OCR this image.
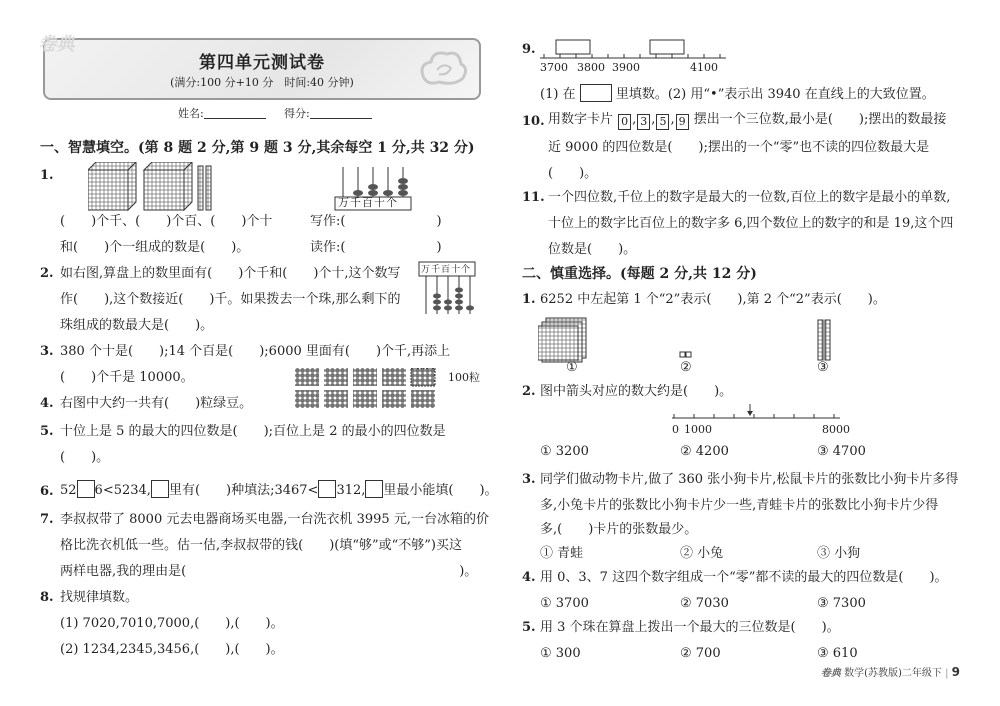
第四单元测试卷
(满分:100 分+10 分　时间:40 分钟)
卷典
姓名:	得分:
一、智慧填空。(第 8 题 2 分,第 9 题 3 分,其余每空 1 分,共 32 分)
1.
万千百十个
(　　)个千、(　　)个百、(　　)个十	写作:(　　　　　　　)
和(　　)个一组成的数是(　　)。	读作:(　　　　　　　)
2. 如右图,算盘上的数里面有(　　)个千和(　　)个十,这个数写
作(　　),这个数接近(　　)千。如果拨去一个珠,那么剩下的
珠组成的数最大是(　　)。
万千百十个
3. 380 个十是(　　);14 个百是(　　);6000 里面有(　　)个千,再添上
(　　)个千是 10000。	100粒
4. 右图中大约一共有(　　)粒绿豆。
5. 十位上是 5 的最大的四位数是(　　);百位上是 2 的最小的四位数是
(　　)。
6. 52 6<5234, 里有(　　)种填法;3467< 312, 里最小能填(　　)。
7. 李叔叔带了 8000 元去电器商场买电器,一台洗衣机 3995 元,一台冰箱的价
格比洗衣机低一些。估一估,李叔叔带的钱(　　)(填“够”或“不够”)买这
两样电器,我的理由是(　　　　　　　　　　　　　　　　　　　　　)。
8. 找规律填数。
(1) 7020,7010,7000,(　　),(　　)。
(2) 1234,2345,3456,(　　),(　　)。
9.
3700 3800 3900	4100
(1) 在	里填数。(2) 用“•”表示出 3940 在直线上的大致位置。
10. 用数字卡片 0 , 3 , 5 , 9 摆出一个三位数,最小是(　　);摆出的数最接
近 9000 的四位数是(　　);摆出的一个“零”也不读的四位数最大是
(　　)。
11. 一个四位数,千位上的数字是最大的一位数,百位上的数字是最小的单数,
十位上的数字比百位上的数字多 6,四个数位上的数字的和是 19,这个四
位数是(　　)。
二、慎重选择。(每题 2 分,共 12 分)
1. 6252 中左起第 1 个“2”表示(　　),第 2 个“2”表示(　　)。
①	②	③
2. 图中箭头对应的数大约是(　　)。
0 1000	8000
① 3200	② 4200	③ 4700
3. 同学们做动物卡片,做了 360 张小狗卡片,松鼠卡片的张数比小狗卡片多得
多,小兔卡片的张数比小狗卡片少一些,青蛙卡片的张数比小狗卡片少得
多,(　　)卡片的张数最少。
① 青蛙	② 小兔	③ 小狗
4. 用 0、3、7 这四个数字组成一个“零”都不读的最大的四位数是(　　)。
① 3700	② 7030	③ 7300
5. 用 3 个珠在算盘上拨出一个最大的三位数是(　　)。
① 300	② 700	③ 610
卷典 数学(苏教版)二年级下 | 9
